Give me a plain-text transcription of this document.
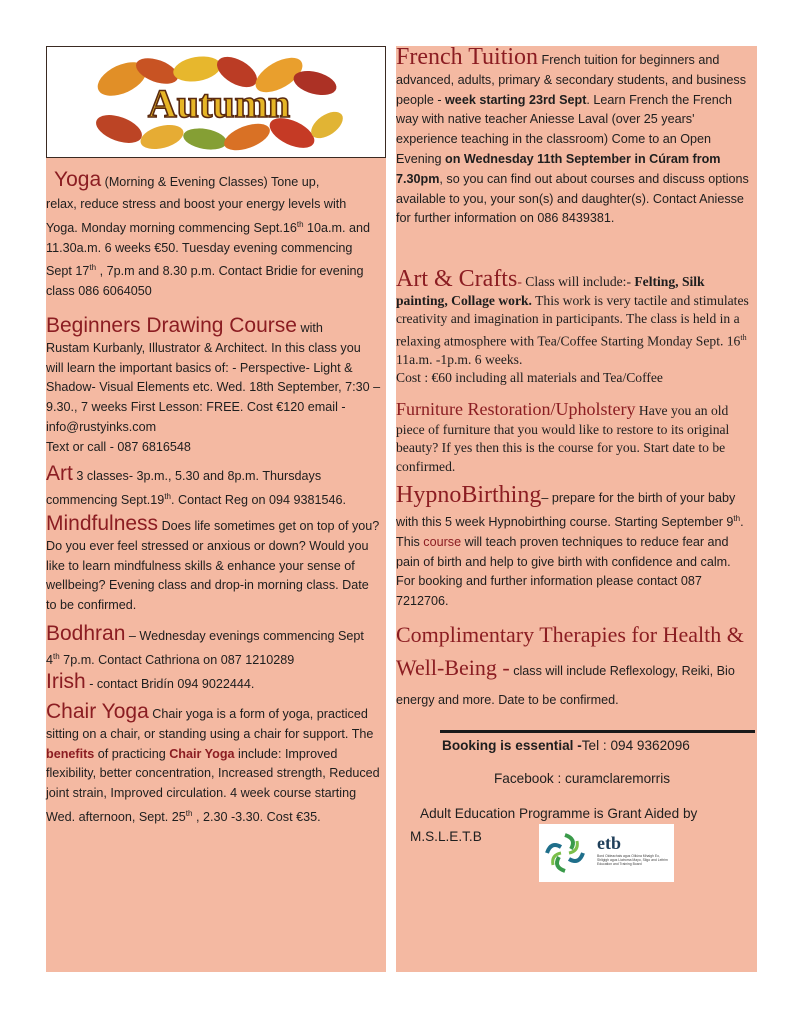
Autumn

Yoga (Morning & Evening Classes) Tone up,

relax, reduce stress and boost your energy levels with Yoga. Monday morning commencing Sept.16th 10a.m. and 11.30a.m. 6 weeks €50. Tuesday evening commencing Sept 17th , 7p.m and 8.30 p.m. Contact Bridie for evening class 086 6064050

Beginners Drawing Course with

Rustam Kurbanly, Illustrator & Architect. In this class you will learn the important basics of: - Perspective- Light & Shadow- Visual Elements etc. Wed. 18th September, 7:30 – 9.30., 7 weeks First Lesson: FREE. Cost €120 email - info@rustyinks.com

Text or call - 087 6816548

Art 3 classes- 3p.m., 5.30 and 8p.m. Thursdays commencing Sept.19th. Contact Reg on 094 9381546.

Mindfulness Does life sometimes get on top of you? Do you ever feel stressed or anxious or down? Would you like to learn mindfulness skills & enhance your sense of wellbeing? Evening class and drop-in morning class. Date to be confirmed.

Bodhran – Wednesday evenings commencing Sept 4th 7p.m. Contact Cathriona on 087 1210289

Irish - contact Bridín 094 9022444.

Chair Yoga Chair yoga is a form of yoga, practiced sitting on a chair, or standing using a chair for support. The benefits of practicing Chair Yoga include: Improved flexibility, better concentration, Increased strength, Reduced joint strain, Improved circulation. 4 week course starting Wed. afternoon, Sept. 25th , 2.30 -3.30. Cost €35.

French Tuition French tuition for beginners and advanced, adults, primary & secondary students, and business people - week starting 23rd Sept. Learn French the French way with native teacher Aniesse Laval (over 25 years' experience teaching in the classroom) Come to an Open Evening on Wednesday 11th September in Cúram from 7.30pm, so you can find out about courses and discuss options available to you, your son(s) and daughter(s). Contact Aniesse for further information on 086 8439381.

Art & Crafts- Class will include:- Felting, Silk painting, Collage work. This work is very tactile and stimulates creativity and imagination in participants. The class is held in a relaxing atmosphere with Tea/Coffee Starting Monday Sept. 16th 11a.m. -1p.m. 6 weeks.

Cost : €60 including all materials and Tea/Coffee

Furniture Restoration/Upholstery Have you an old piece of furniture that you would like to restore to its original beauty? If yes then this is the course for you. Start date to be confirmed.

HypnoBirthing– prepare for the birth of your baby with this 5 week Hypnobirthing course. Starting September 9th. This course will teach proven techniques to reduce fear and pain of birth and help to give birth with confidence and calm. For booking and further information please contact 087 7212706.

Complimentary Therapies for Health & Well-Being - class will include Reflexology, Reiki, Bio energy and more. Date to be confirmed.

Booking is essential -Tel : 094 9362096
Facebook : curamclaremorris
Adult Education Programme is Grant Aided by
M.S.L.E.T.B	etb
Bord Oideachais agus Oiliúna Mhaigh Eo, Shligigh agus Liatroma Mayo, Sligo and Leitrim Education and Training Board
